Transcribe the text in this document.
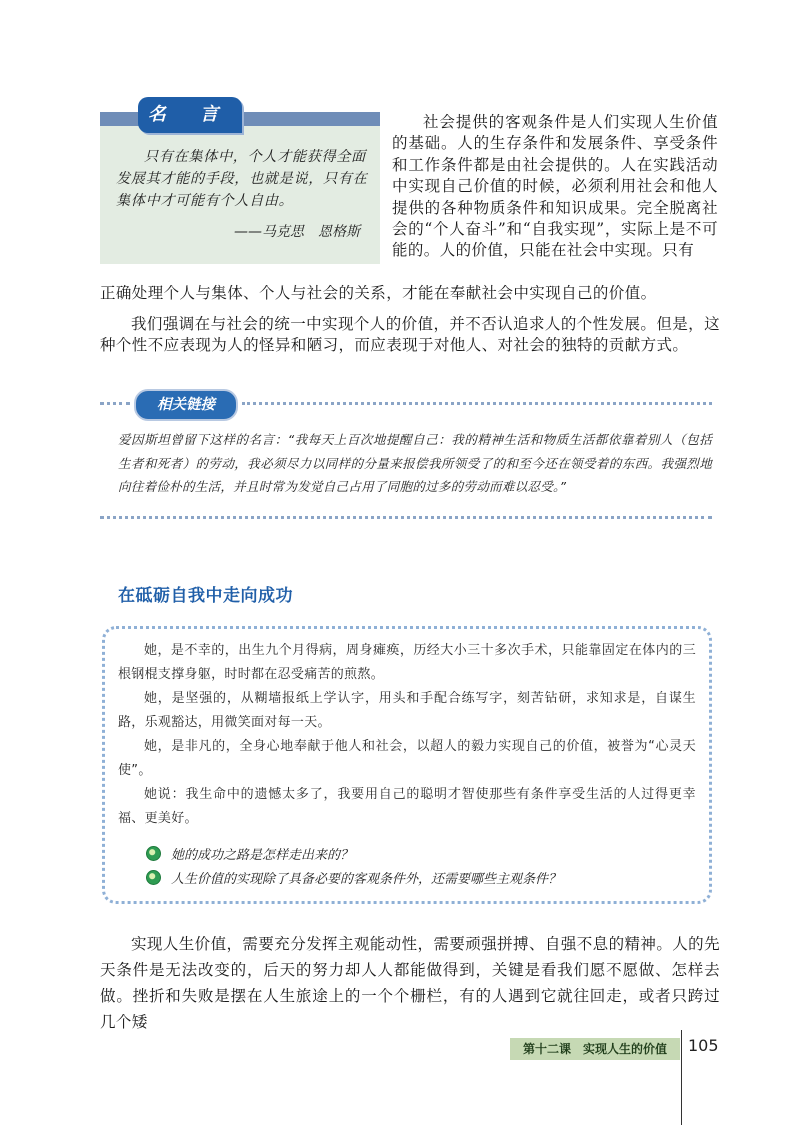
名 言

只有在集体中，个人才能获得全面发展其才能的手段，也就是说，只有在集体中才可能有个人自由。

——马克思　恩格斯

社会提供的客观条件是人们实现人生价值的基础。人的生存条件和发展条件、享受条件和工作条件都是由社会提供的。人在实践活动中实现自己价值的时候，必须利用社会和他人提供的各种物质条件和知识成果。完全脱离社会的“个人奋斗”和“自我实现”，实际上是不可能的。人的价值，只能在社会中实现。只有

正确处理个人与集体、个人与社会的关系，才能在奉献社会中实现自己的价值。

我们强调在与社会的统一中实现个人的价值，并不否认追求人的个性发展。但是，这种个性不应表现为人的怪异和陋习，而应表现于对他人、对社会的独特的贡献方式。

相关链接

爱因斯坦曾留下这样的名言：“我每天上百次地提醒自己：我的精神生活和物质生活都依靠着别人（包括生者和死者）的劳动，我必须尽力以同样的分量来报偿我所领受了的和至今还在领受着的东西。我强烈地向往着俭朴的生活，并且时常为发觉自己占用了同胞的过多的劳动而难以忍受。”

在砥砺自我中走向成功

她，是不幸的，出生九个月得病，周身瘫痪，历经大小三十多次手术，只能靠固定在体内的三根钢棍支撑身躯，时时都在忍受痛苦的煎熬。

她，是坚强的，从糊墙报纸上学认字，用头和手配合练写字，刻苦钻研，求知求是，自谋生路，乐观豁达，用微笑面对每一天。

她，是非凡的，全身心地奉献于他人和社会，以超人的毅力实现自己的价值，被誉为“心灵天使”。

她说：我生命中的遗憾太多了，我要用自己的聪明才智使那些有条件享受生活的人过得更幸福、更美好。

她的成功之路是怎样走出来的？
人生价值的实现除了具备必要的客观条件外，还需要哪些主观条件？

实现人生价值，需要充分发挥主观能动性，需要顽强拼搏、自强不息的精神。人的先天条件是无法改变的，后天的努力却人人都能做得到，关键是看我们愿不愿做、怎样去做。挫折和失败是摆在人生旅途上的一个个栅栏，有的人遇到它就往回走，或者只跨过几个矮

第十二课　实现人生的价值	105
